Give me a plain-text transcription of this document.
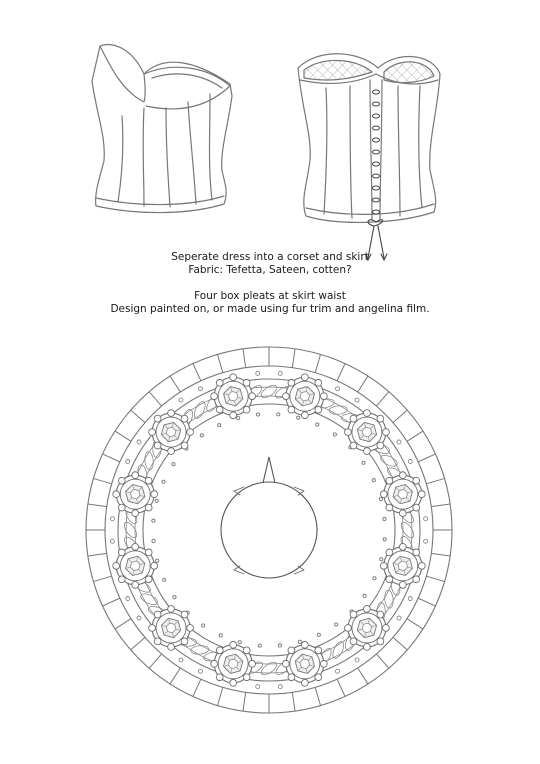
Seperate dress into a corset and skirt
Fabric: Tefetta, Sateen, cotten?
Four box pleats at skirt waist
Design painted on, or made using fur trim and angelina film.
